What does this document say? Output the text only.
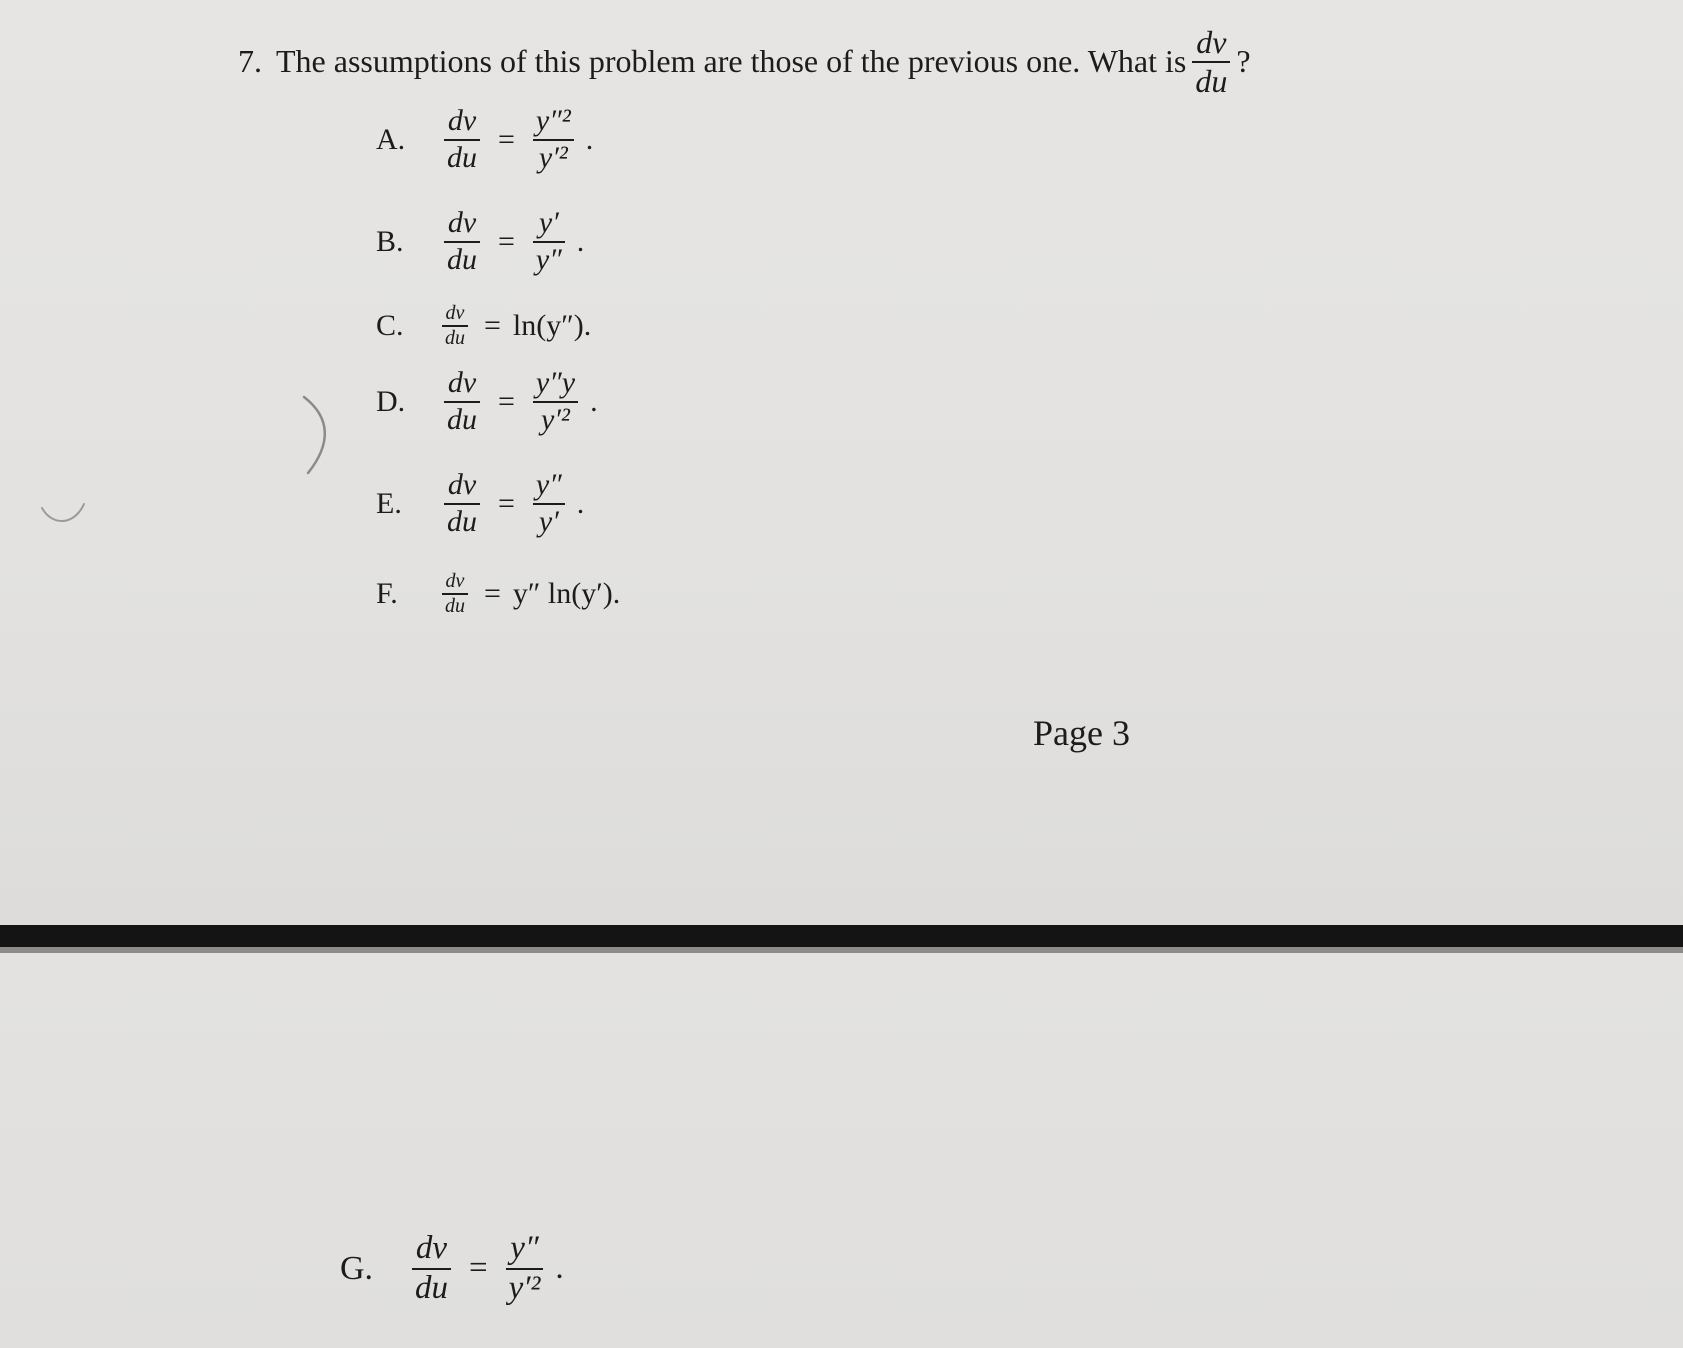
7. The assumptions of this problem are those of the previous one. What is $\frac{dv}{du}$ ?
A.	$\frac{dv}{du} = \frac{\text{y″²}}{\text{y′²}}$ .
B.	$\frac{dv}{du} = \frac{y'}{y''}$ .
C.	$\frac{dv}{du} = \ln(y'')$.
D.	$\frac{dv}{du} = \frac{y''y}{\text{y′²}}$ .
E.	$\frac{dv}{du} = \frac{y''}{y'}$ .
F.	$\frac{dv}{du} = y''$ ln(y′).
Page 3
G.	$\frac{dv}{du} = \frac{y''}{\text{y′²}}$ .
